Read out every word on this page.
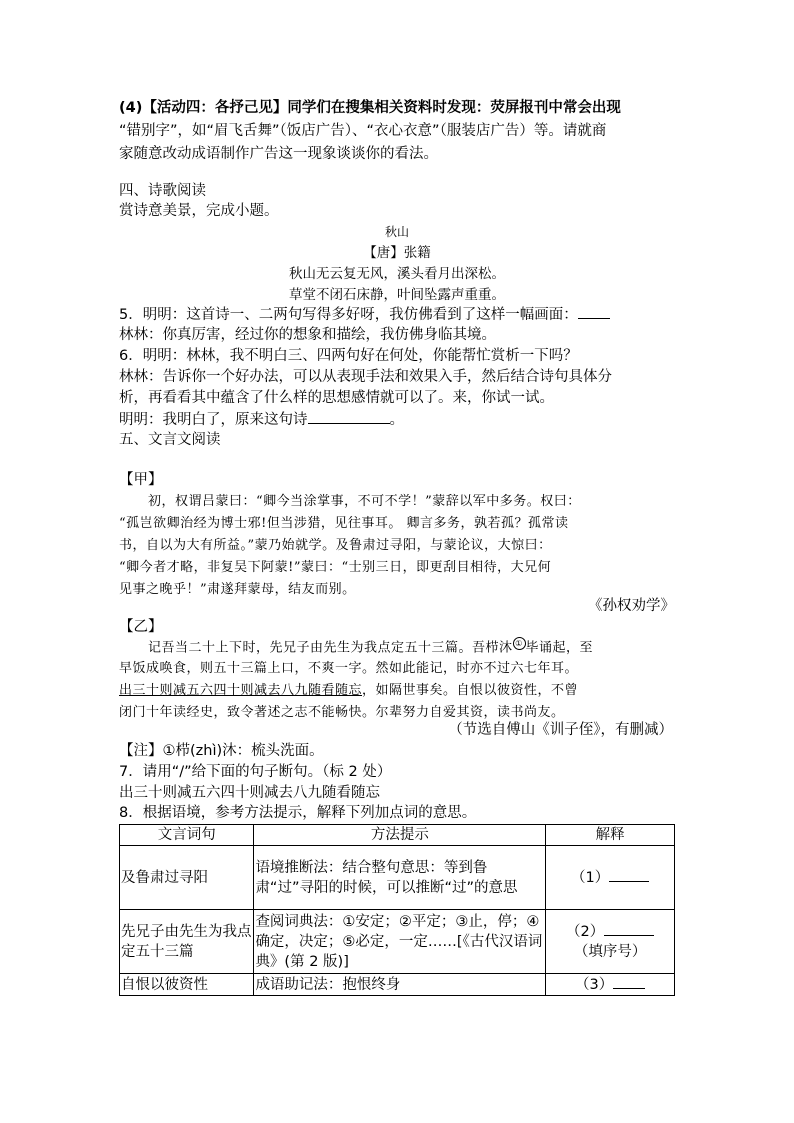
(4)【活动四：各抒己见】同学们在搜集相关资料时发现：荧屏报刊中常会出现
“错别字”，如“眉飞舌舞”（饭店广告）、“衣心衣意”（服装店广告）等。请就商
家随意改动成语制作广告这一现象谈谈你的看法。
四、诗歌阅读
赏诗意美景，完成小题。
秋山
【唐】张籍
秋山无云复无风，溪头看月出深松。
草堂不闭石床静，叶间坠露声重重。
5．明明：这首诗一、二两句写得多好呀，我仿佛看到了这样一幅画面：
林林：你真厉害，经过你的想象和描绘，我仿佛身临其境。
6．明明：林林，我不明白三、四两句好在何处，你能帮忙赏析一下吗？
林林：告诉你一个好办法，可以从表现手法和效果入手，然后结合诗句具体分
析，再看看其中蕴含了什么样的思想感情就可以了。来，你试一试。
明明：我明白了，原来这句诗	。
五、文言文阅读
【甲】
初，权谓吕蒙曰：“卿今当涂掌事，不可不学！”蒙辞以军中多务。权曰：
“孤岂欲卿治经为博士邪!但当涉猎，见往事耳。 卿言多务，孰若孤？孤常读
书，自以为大有所益。”蒙乃始就学。及鲁肃过寻阳，与蒙论议，大惊曰：
“卿今者才略，非复吴下阿蒙!”蒙曰：“士别三日，即更刮目相待，大兄何
见事之晚乎！”肃遂拜蒙母，结友而别。
《孙权劝学》
【乙】
记吾当二十上下时，先兄子由先生为我点定五十三篇。吾栉沐 ① 毕诵起，至
早饭成唤食，则五十三篇上口，不爽一字。然如此能记，时亦不过六七年耳。
出三十则减五六四十则减去八九随看随忘，如隔世事矣。自恨以彼资性，不曾
闭门十年读经史，致令著述之志不能畅快。尔辈努力自爱其资，读书尚友。
（节选自傅山《训子侄》，有删减）
【注】①栉(zhì)沐：梳头洗面。
7．请用“/”给下面的句子断句。（标 2 处）
出三十则减五六四十则减去八九随看随忘
8．根据语境，参考方法提示，解释下列加点词的意思。
文言词句	方法提示	解释
及鲁肃过寻阳	语境推断法：结合整句意思：等到鲁肃“过”寻阳的时候，可以推断“过”的意思	（1）
先兄子由先生为我点定五十三篇	查阅词典法：①安定；②平定；③止，停；④确定，决定；⑤必定，一定……[《古代汉语词典》(第 2 版)]	（2）
（填序号）

自恨以彼资性	成语助记法：抱恨终身	（3）
